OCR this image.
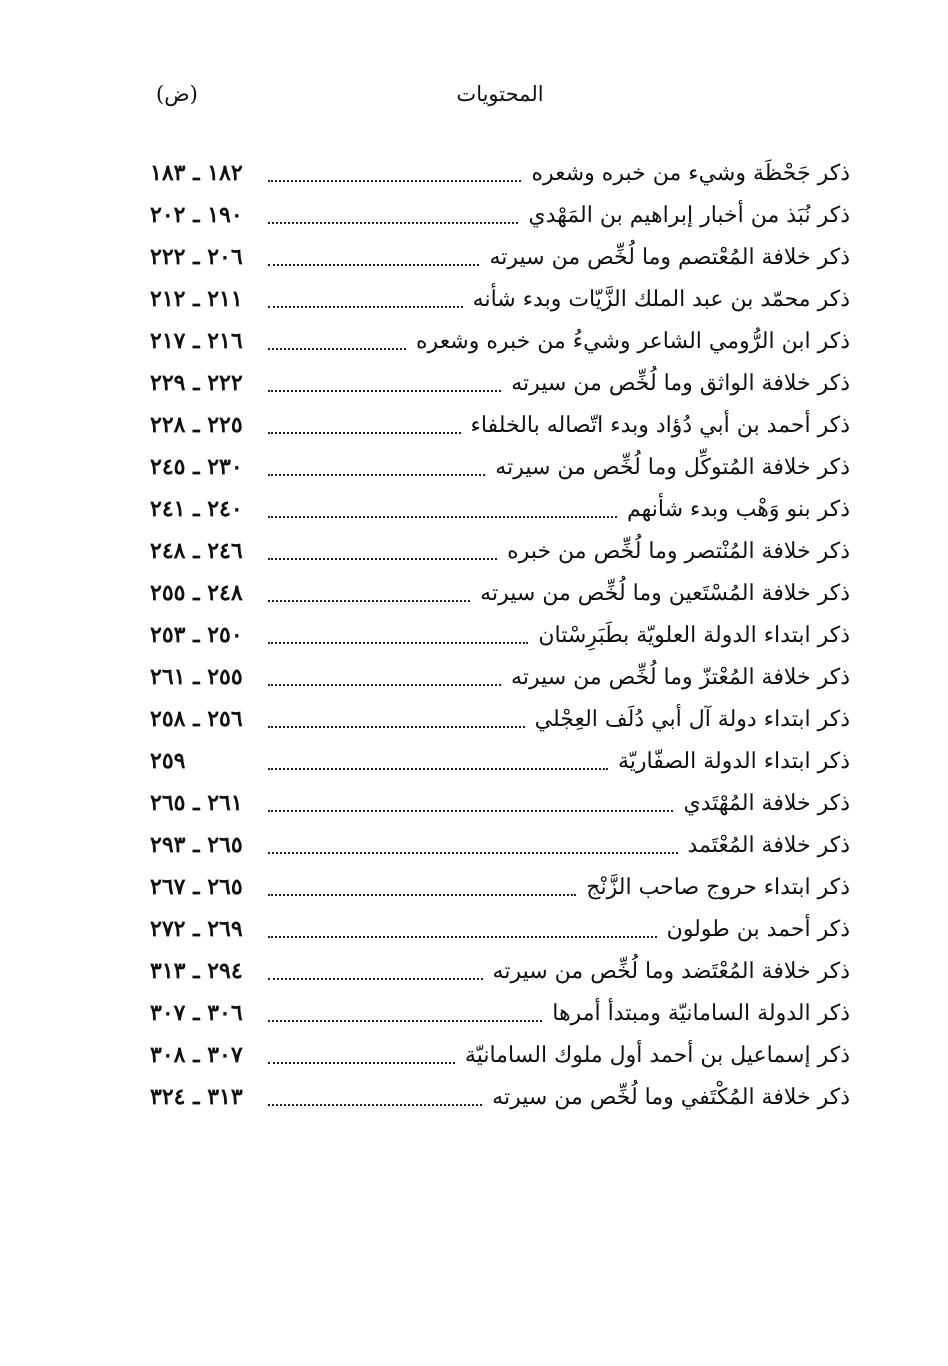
المحتويات
(ض)
ذكر جَحْظَة وشيء من خبره وشعره
١٨٢ ـ ١٨٣
ذكر نُبَذ من أخبار إبراهيم بن المَهْدي
١٩٠ ـ ٢٠٢
ذكر خلافة المُعْتصم وما لُخِّص من سيرته
٢٠٦ ـ ٢٢٢
ذكر محمّد بن عبد الملك الزَّيّات وبدء شأنه
٢١١ ـ ٢١٢
ذكر ابن الرُّومي الشاعر وشيءُ من خبره وشعره
٢١٦ ـ ٢١٧
ذكر خلافة الواثق وما لُخِّص من سيرته
٢٢٢ ـ ٢٢٩
ذكر أحمد بن أبي دُؤاد وبدء اتّصاله بالخلفاء
٢٢٥ ـ ٢٢٨
ذكر خلافة المُتوكِّل وما لُخِّص من سيرته
٢٣٠ ـ ٢٤٥
ذكر بنو وَهْب وبدء شأنهم
٢٤٠ ـ ٢٤١
ذكر خلافة المُنْتصر وما لُخِّص من خبره
٢٤٦ ـ ٢٤٨
ذكر خلافة المُسْتَعين وما لُخِّص من سيرته
٢٤٨ ـ ٢٥٥
ذكر ابتداء الدولة العلويّة بطَبَرِسْتان
٢٥٠ ـ ٢٥٣
ذكر خلافة المُعْتزّ وما لُخِّص من سيرته
٢٥٥ ـ ٢٦١
ذكر ابتداء دولة آل أبي دُلَف العِجْلي
٢٥٦ ـ ٢٥٨
ذكر ابتداء الدولة الصفّاريّة
٢٥٩
ذكر خلافة المُهْتَدي
٢٦١ ـ ٢٦٥
ذكر خلافة المُعْتَمد
٢٦٥ ـ ٢٩٣
ذكر ابتداء حروج صاحب الزَّنْج
٢٦٥ ـ ٢٦٧
ذكر أحمد بن طولون
٢٦٩ ـ ٢٧٢
ذكر خلافة المُعْتَضد وما لُخِّص من سيرته
٢٩٤ ـ ٣١٣
ذكر الدولة السامانيّة ومبتدأ أمرها
٣٠٦ ـ ٣٠٧
ذكر إسماعيل بن أحمد أول ملوك السامانيّة
٣٠٧ ـ ٣٠٨
ذكر خلافة المُكْتَفي وما لُخِّص من سيرته
٣١٣ ـ ٣٢٤
